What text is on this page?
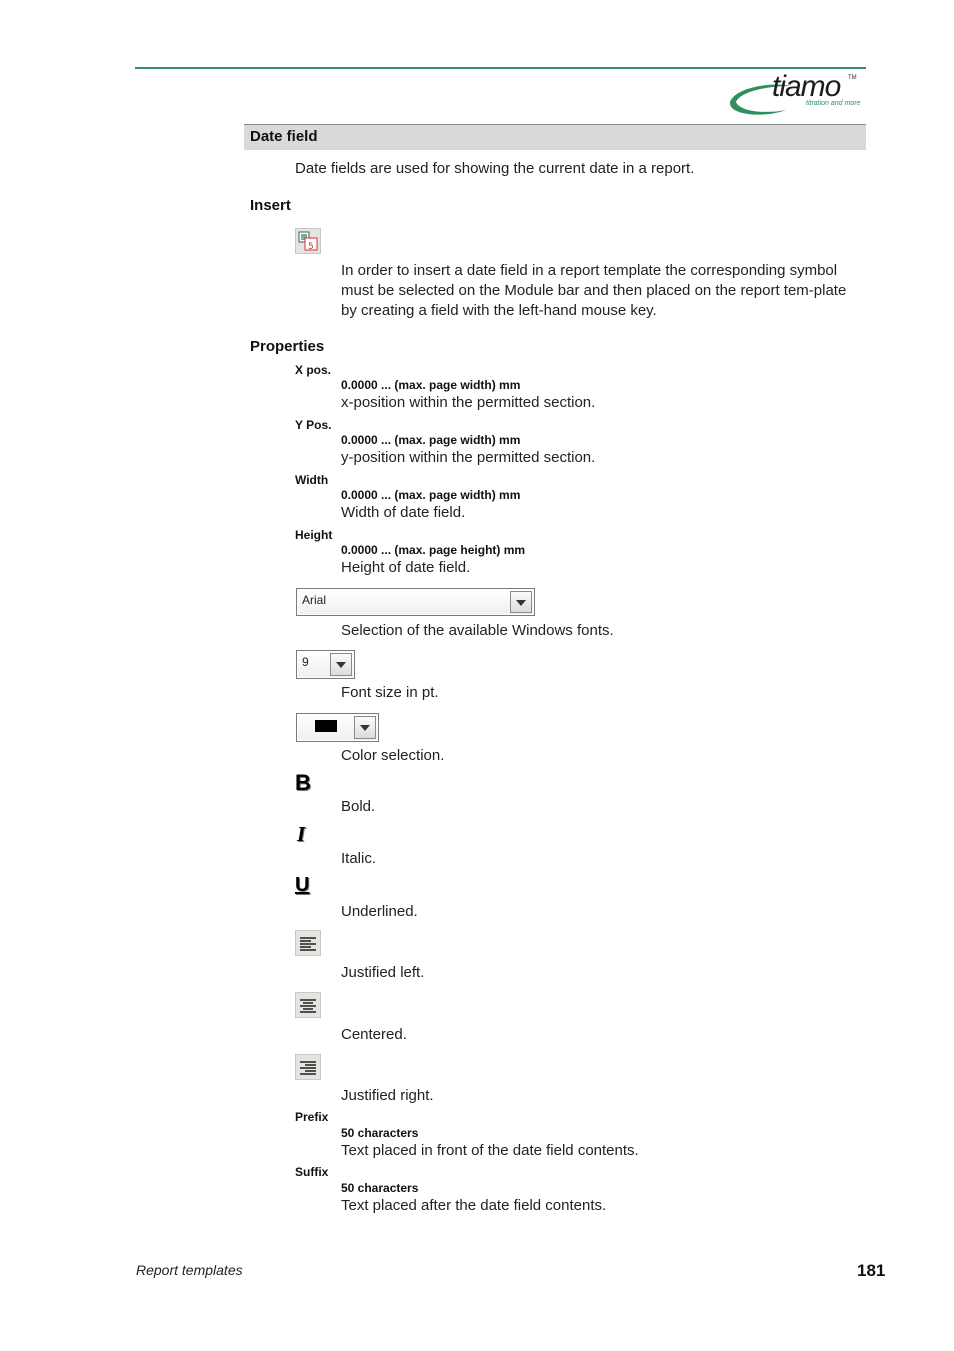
tiamo TM
titration and more
Date field
Date fields are used for showing the current date in a report.
Insert
5
In order to insert a date field in a report template the corresponding symbol must be selected on the Module bar and then placed on the report tem-plate by creating a field with the left-hand mouse key.
Properties
X pos.
0.0000 ... (max. page width) mm
x-position within the permitted section.
Y Pos.
0.0000 ... (max. page width) mm
y-position within the permitted section.
Width
0.0000 ... (max. page width) mm
Width of date field.
Height
0.0000 ... (max. page height) mm
Height of date field.
Arial
Selection of the available Windows fonts.
9
Font size in pt.
Color selection.
B
Bold.
I
Italic.
U
Underlined.
Justified left.
Centered.
Justified right.
Prefix
50 characters
Text placed in front of the date field contents.
Suffix
50 characters
Text placed after the date field contents.
Report templates	181
